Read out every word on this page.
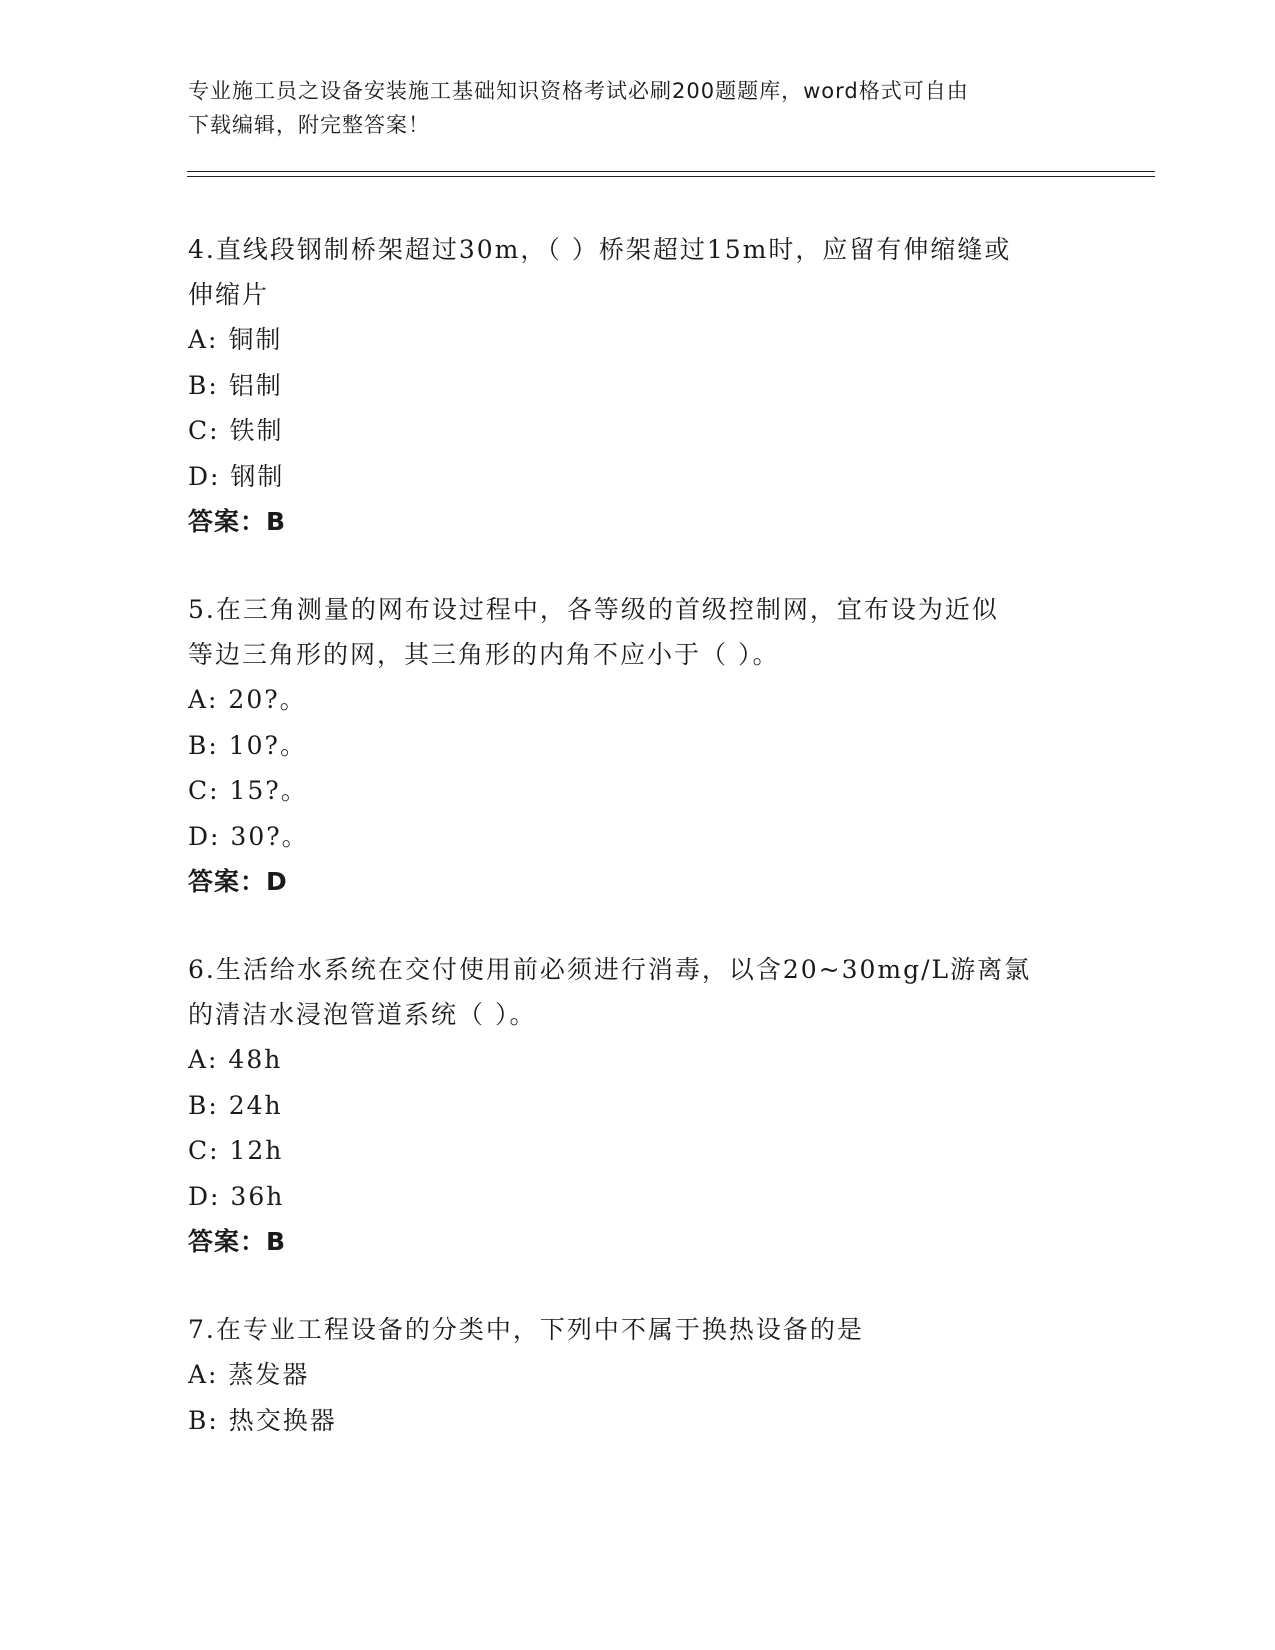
专业施工员之设备安装施工基础知识资格考试必刷200题题库，word格式可自由
下载编辑，附完整答案！
4.直线段钢制桥架超过30m，（ ）桥架超过15m时，应留有伸缩缝或
伸缩片
A: 铜制
B: 铝制
C: 铁制
D: 钢制
答案：B
5.在三角测量的网布设过程中，各等级的首级控制网，宜布设为近似
等边三角形的网，其三角形的内角不应小于（ ）。
A: 20?。
B: 10?。
C: 15?。
D: 30?。
答案：D
6.生活给水系统在交付使用前必须进行消毒，以含20~30mg/L游离氯
的清洁水浸泡管道系统（ ）。
A: 48h
B: 24h
C: 12h
D: 36h
答案：B
7.在专业工程设备的分类中，下列中不属于换热设备的是
A: 蒸发器
B: 热交换器
